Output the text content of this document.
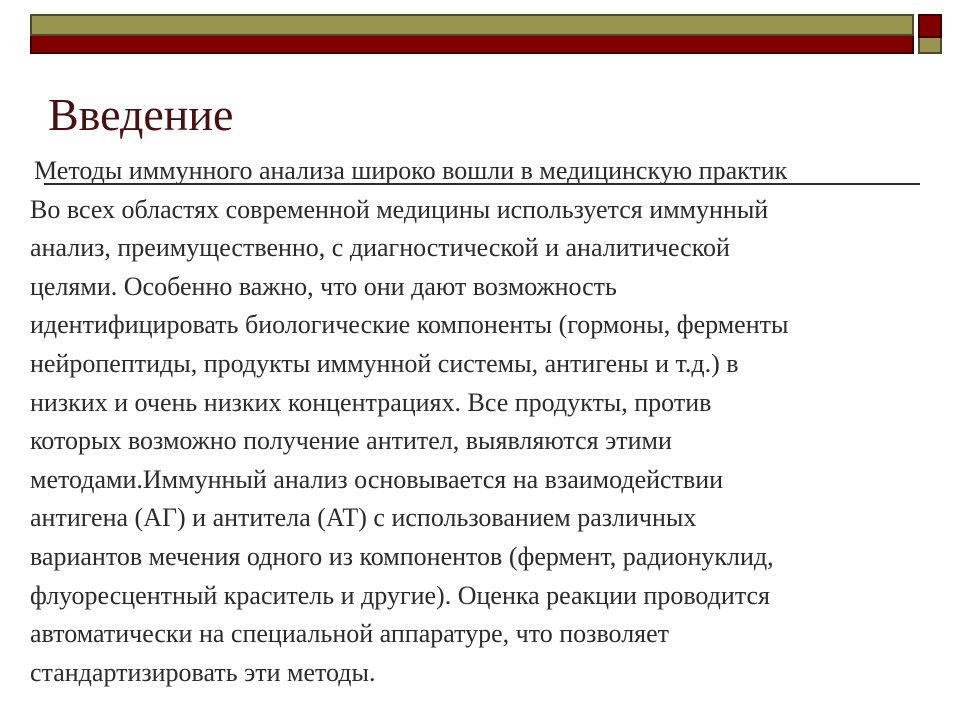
Введение

Методы иммунного анализа широко вошли в медицинскую практик
Во всех областях современной медицины используется иммунный
анализ, преимущественно, с диагностической и аналитической
целями. Особенно важно, что они дают возможность
идентифицировать биологические компоненты (гормоны, ферменты
нейропептиды, продукты иммунной системы, антигены и т.д.) в
низких и очень низких концентрациях. Все продукты, против
которых возможно получение антител, выявляются этими
методами.Иммунный анализ основывается на взаимодействии
антигена (АГ) и антитела (АТ) с использованием различных
вариантов мечения одного из компонентов (фермент, радионуклид,
флуоресцентный краситель и другие). Оценка реакции проводится
автоматически на специальной аппаратуре, что позволяет
стандартизировать эти методы.
